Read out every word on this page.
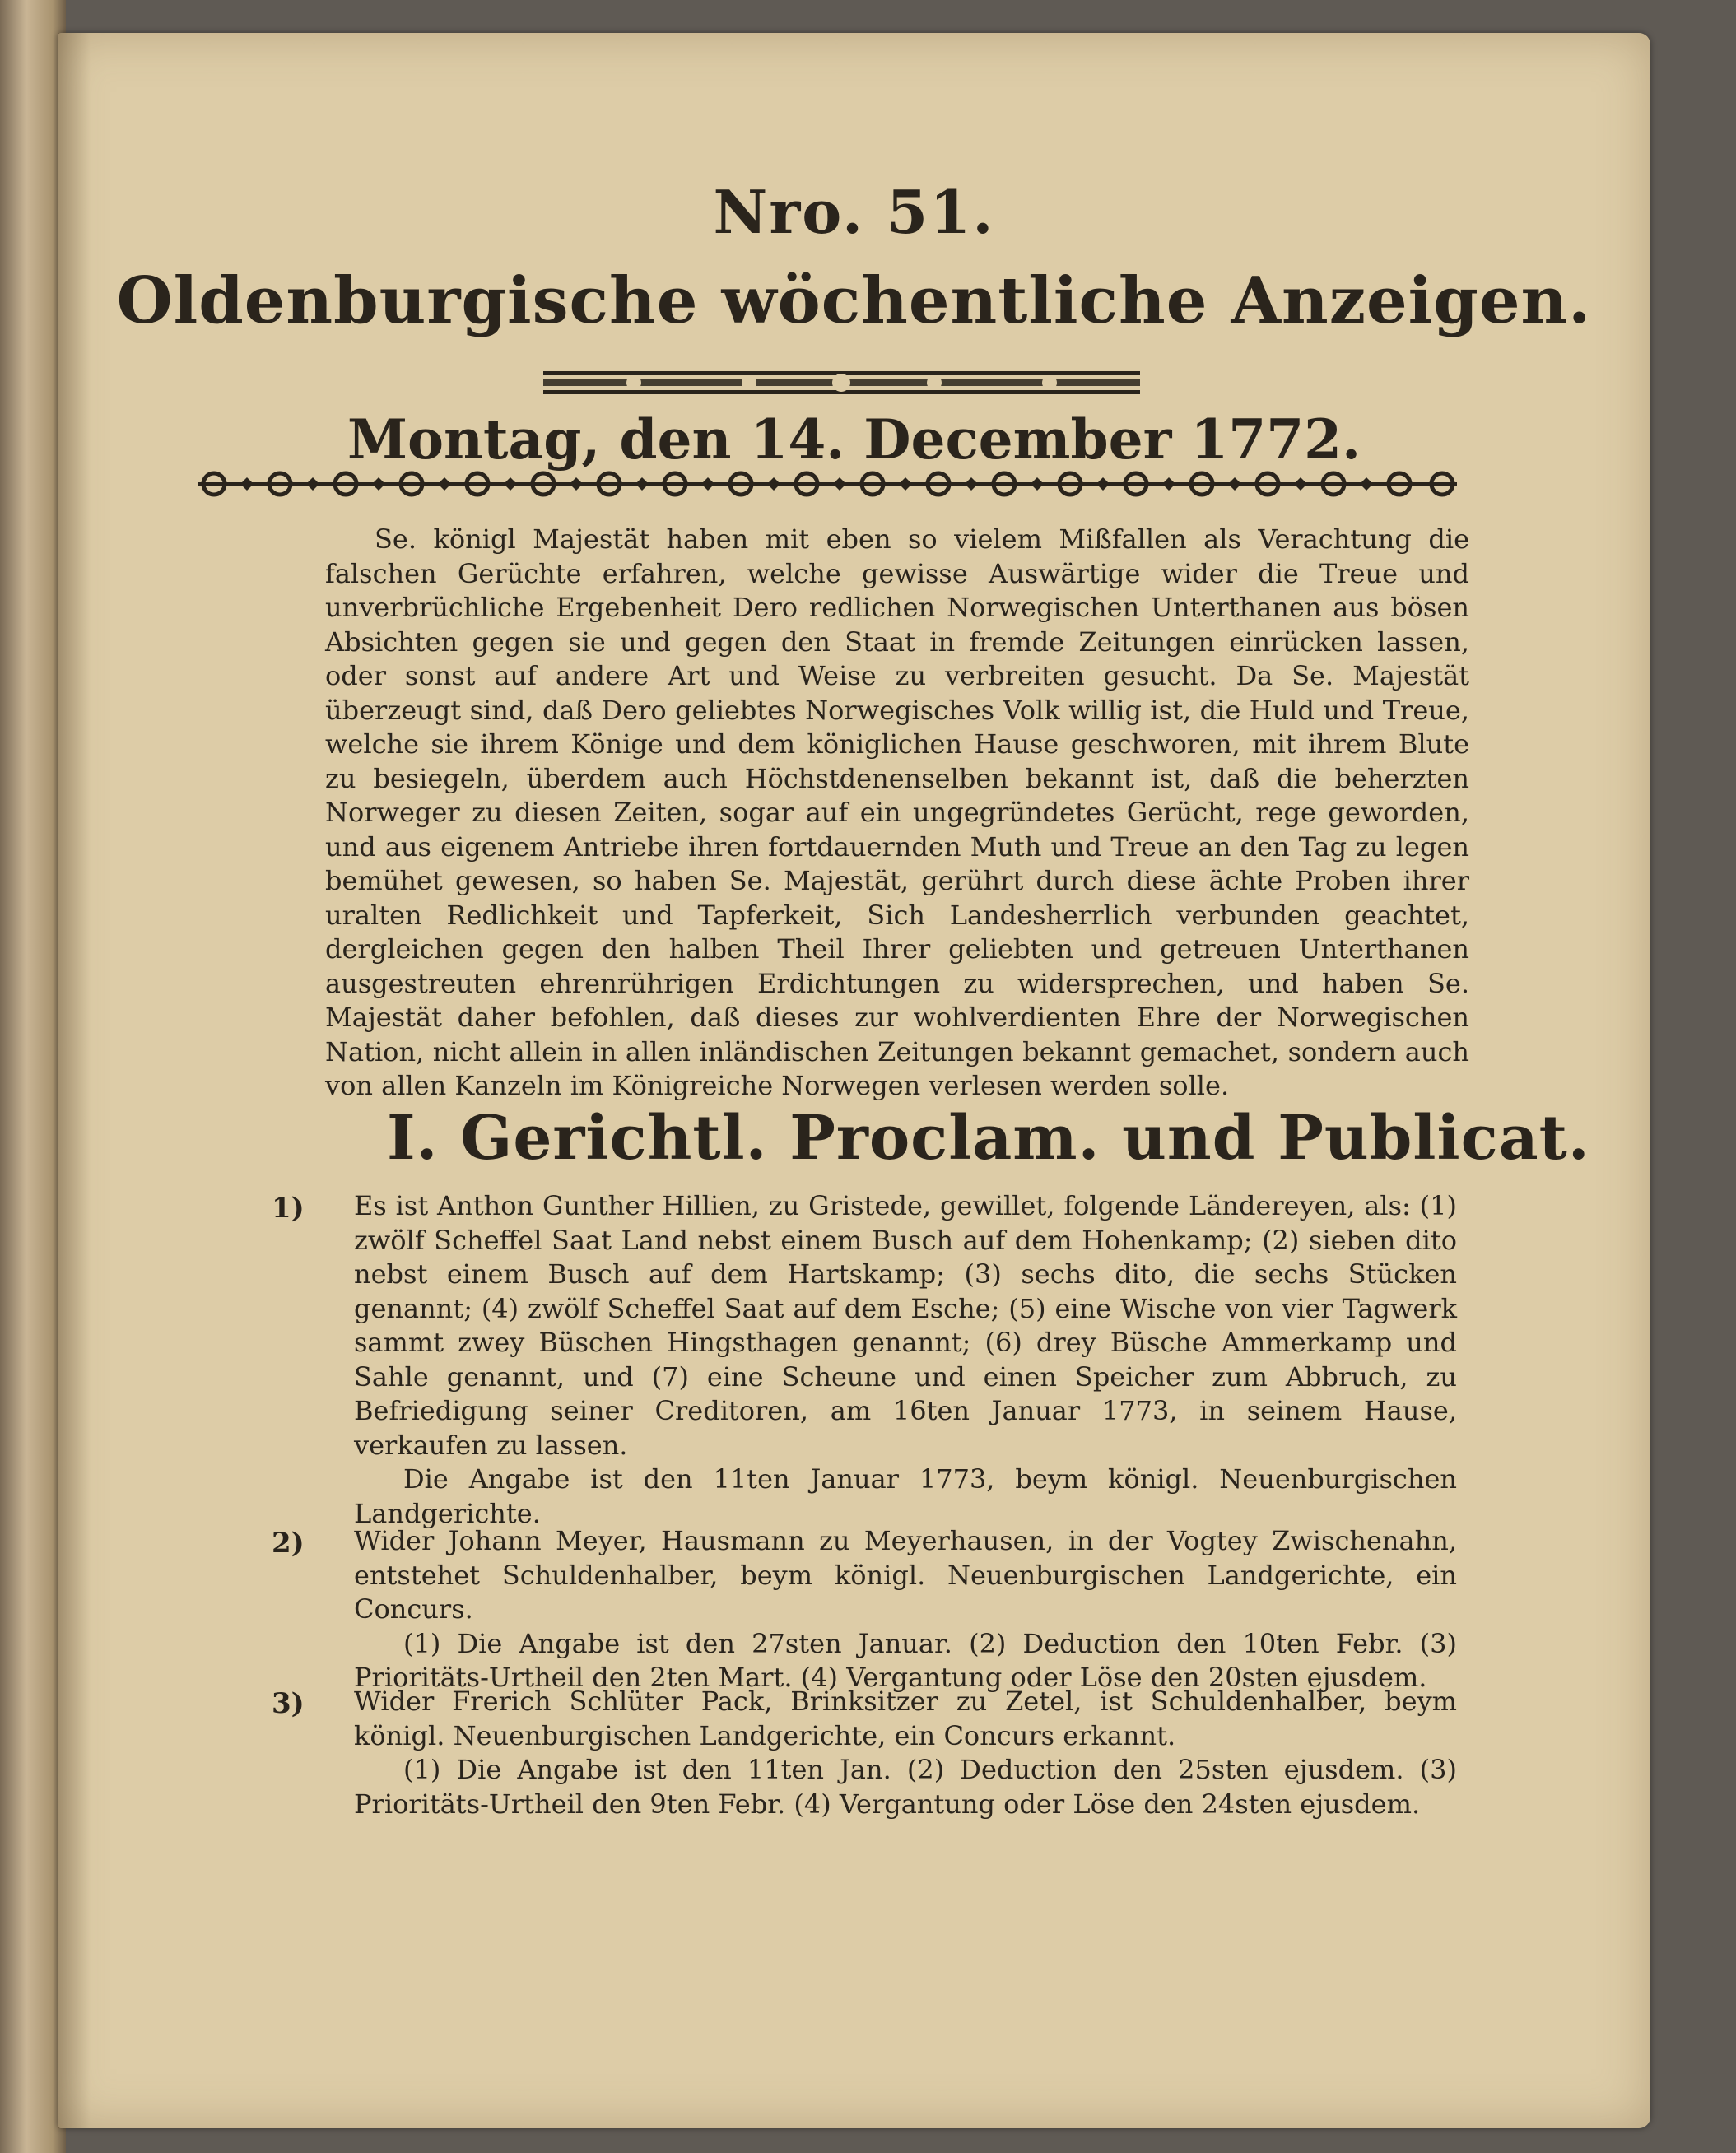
Nro. 51.
Oldenburgische wöchentliche Anzeigen.
Montag, den 14. December 1772.

Se. königl Majestät haben mit eben so vielem Mißfallen als Verachtung die falschen Gerüchte erfahren, welche gewisse Auswärtige wider die Treue und unverbrüchliche Ergebenheit Dero redlichen Norwegischen Unterthanen aus bösen Absichten gegen sie und gegen den Staat in fremde Zeitungen einrücken lassen, oder sonst auf andere Art und Weise zu verbreiten gesucht. Da Se. Majestät überzeugt sind, daß Dero geliebtes Norwegisches Volk willig ist, die Huld und Treue, welche sie ihrem Könige und dem königlichen Hause geschworen, mit ihrem Blute zu besiegeln, überdem auch Höchstdenenselben bekannt ist, daß die beherzten Norweger zu diesen Zeiten, sogar auf ein ungegründetes Gerücht, rege geworden, und aus eigenem Antriebe ihren fortdauernden Muth und Treue an den Tag zu legen bemühet gewesen, so haben Se. Majestät, gerührt durch diese ächte Proben ihrer uralten Redlichkeit und Tapferkeit, Sich Landesherrlich verbunden geachtet, dergleichen gegen den halben Theil Ihrer geliebten und getreuen Unterthanen ausgestreuten ehrenrührigen Erdichtungen zu widersprechen, und haben Se. Majestät daher befohlen, daß dieses zur wohlverdienten Ehre der Norwegischen Nation, nicht allein in allen inländischen Zeitungen bekannt gemachet, sondern auch von allen Kanzeln im Königreiche Norwegen verlesen werden solle.

I. Gerichtl. Proclam. und Publicat.
1) Es ist Anthon Gunther Hillien, zu Gristede, gewillet, folgende Ländereyen, als: (1) zwölf Scheffel Saat Land nebst einem Busch auf dem Hohenkamp; (2) sieben dito nebst einem Busch auf dem Hartskamp; (3) sechs dito, die sechs Stücken genannt; (4) zwölf Scheffel Saat auf dem Esche; (5) eine Wische von vier Tagwerk sammt zwey Büschen Hingsthagen genannt; (6) drey Büsche Ammerkamp und Sahle genannt, und (7) eine Scheune und einen Speicher zum Abbruch, zu Befriedigung seiner Creditoren, am 16ten Januar 1773, in seinem Hause, verkaufen zu lassen.

Die Angabe ist den 11ten Januar 1773, beym königl. Neuenburgischen Landgerichte.

2) Wider Johann Meyer, Hausmann zu Meyerhausen, in der Vogtey Zwischenahn, entstehet Schuldenhalber, beym königl. Neuenburgischen Landgerichte, ein Concurs.

(1) Die Angabe ist den 27sten Januar. (2) Deduction den 10ten Febr. (3) Prioritäts-Urtheil den 2ten Mart. (4) Vergantung oder Löse den 20sten ejusdem.

3) Wider Frerich Schlüter Pack, Brinksitzer zu Zetel, ist Schuldenhalber, beym königl. Neuenburgischen Landgerichte, ein Concurs erkannt.

(1) Die Angabe ist den 11ten Jan. (2) Deduction den 25sten ejusdem. (3) Prioritäts-Urtheil den 9ten Febr. (4) Vergantung oder Löse den 24sten ejusdem.
